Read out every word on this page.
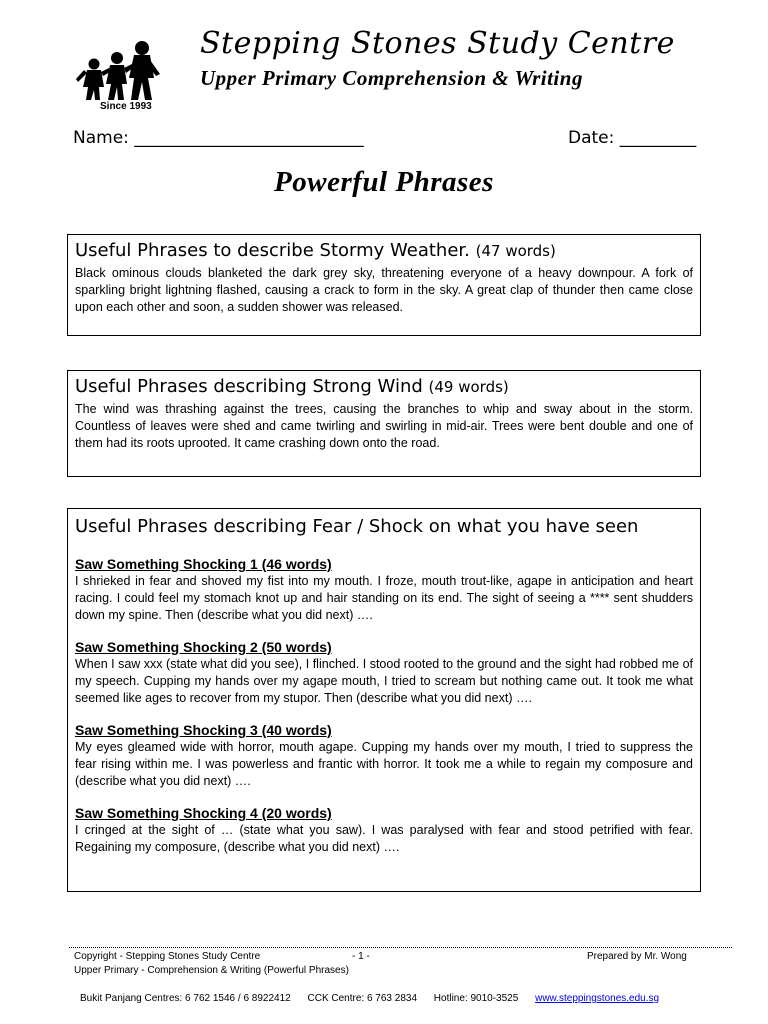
Since 1993
Stepping Stones Study Centre
Upper Primary Comprehension & Writing
Name: ___________________________	Date: _________
Powerful Phrases
Useful Phrases to describe Stormy Weather. (47 words)

Black ominous clouds blanketed the dark grey sky, threatening everyone of a heavy downpour. A fork of sparkling bright lightning flashed, causing a crack to form in the sky. A great clap of thunder then came close upon each other and soon, a sudden shower was released.

Useful Phrases describing Strong Wind (49 words)

The wind was thrashing against the trees, causing the branches to whip and sway about in the storm. Countless of leaves were shed and came twirling and swirling in mid-air. Trees were bent double and one of them had its roots uprooted. It came crashing down onto the road.

Useful Phrases describing Fear / Shock on what you have seen
Saw Something Shocking 1 (46 words)

I shrieked in fear and shoved my fist into my mouth. I froze, mouth trout-like, agape in anticipation and heart racing. I could feel my stomach knot up and hair standing on its end. The sight of seeing a **** sent shudders down my spine. Then (describe what you did next) ….

Saw Something Shocking 2 (50 words)

When I saw xxx (state what did you see), I flinched. I stood rooted to the ground and the sight had robbed me of my speech. Cupping my hands over my agape mouth, I tried to scream but nothing came out. It took me what seemed like ages to recover from my stupor. Then (describe what you did next) ….

Saw Something Shocking 3 (40 words)

My eyes gleamed wide with horror, mouth agape. Cupping my hands over my mouth, I tried to suppress the fear rising within me. I was powerless and frantic with horror. It took me a while to regain my composure and (describe what you did next) ….

Saw Something Shocking 4 (20 words)

I cringed at the sight of … (state what you saw). I was paralysed with fear and stood petrified with fear. Regaining my composure, (describe what you did next) ….

Copyright - Stepping Stones Study Centre	- 1 -	Prepared by Mr. Wong
Upper Primary - Comprehension & Writing (Powerful Phrases)
Bukit Panjang Centres: 6 762 1546 / 6 8922412 CCK Centre: 6 763 2834 Hotline: 9010-3525 www.steppingstones.edu.sg
